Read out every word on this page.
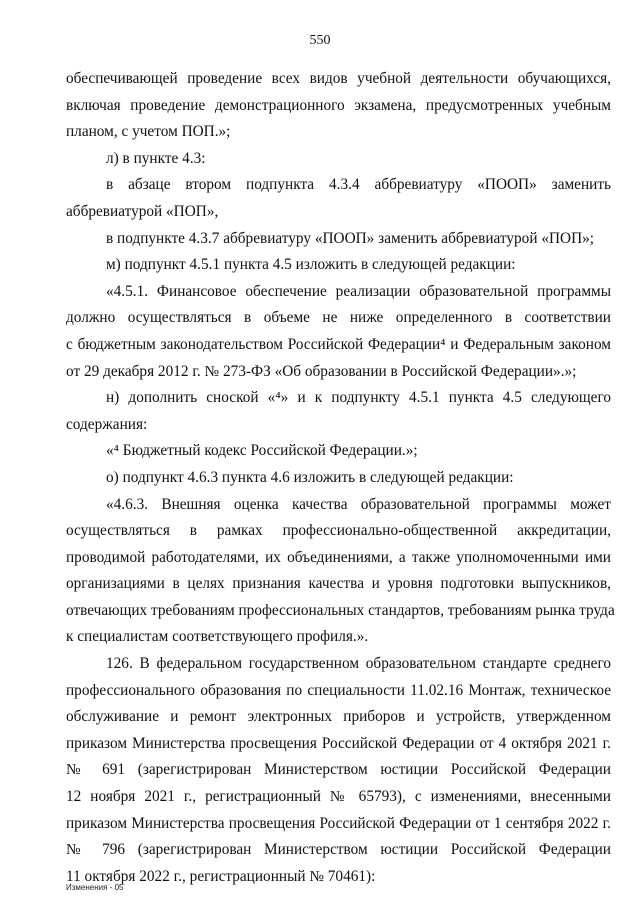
550
обеспечивающей проведение всех видов учебной деятельности обучающихся,
включая проведение демонстрационного экзамена, предусмотренных учебным
планом, с учетом ПОП.»;
л) в пункте 4.3:
в абзаце втором подпункта 4.3.4 аббревиатуру «ПООП» заменить
аббревиатурой «ПОП»,
в подпункте 4.3.7 аббревиатуру «ПООП» заменить аббревиатурой «ПОП»;
м) подпункт 4.5.1 пункта 4.5 изложить в следующей редакции:
«4.5.1. Финансовое обеспечение реализации образовательной программы
должно осуществляться в объеме не ниже определенного в соответствии
с бюджетным законодательством Российской Федерации⁴ и Федеральным законом
от 29 декабря 2012 г. № 273-ФЗ «Об образовании в Российской Федерации».»;
н) дополнить сноской «⁴» и к подпункту 4.5.1 пункта 4.5 следующего
содержания:
«⁴ Бюджетный кодекс Российской Федерации.»;
о) подпункт 4.6.3 пункта 4.6 изложить в следующей редакции:
«4.6.3. Внешняя оценка качества образовательной программы может
осуществляться в рамках профессионально-общественной аккредитации,
проводимой работодателями, их объединениями, а также уполномоченными ими
организациями в целях признания качества и уровня подготовки выпускников,
отвечающих требованиям профессиональных стандартов, требованиям рынка труда
к специалистам соответствующего профиля.».
126. В федеральном государственном образовательном стандарте среднего
профессионального образования по специальности 11.02.16 Монтаж, техническое
обслуживание и ремонт электронных приборов и устройств, утвержденном
приказом Министерства просвещения Российской Федерации от 4 октября 2021 г.
№ 691 (зарегистрирован Министерством юстиции Российской Федерации
12 ноября 2021 г., регистрационный № 65793), с изменениями, внесенными
приказом Министерства просвещения Российской Федерации от 1 сентября 2022 г.
№ 796 (зарегистрирован Министерством юстиции Российской Федерации
11 октября 2022 г., регистрационный № 70461):
Изменения - 05
